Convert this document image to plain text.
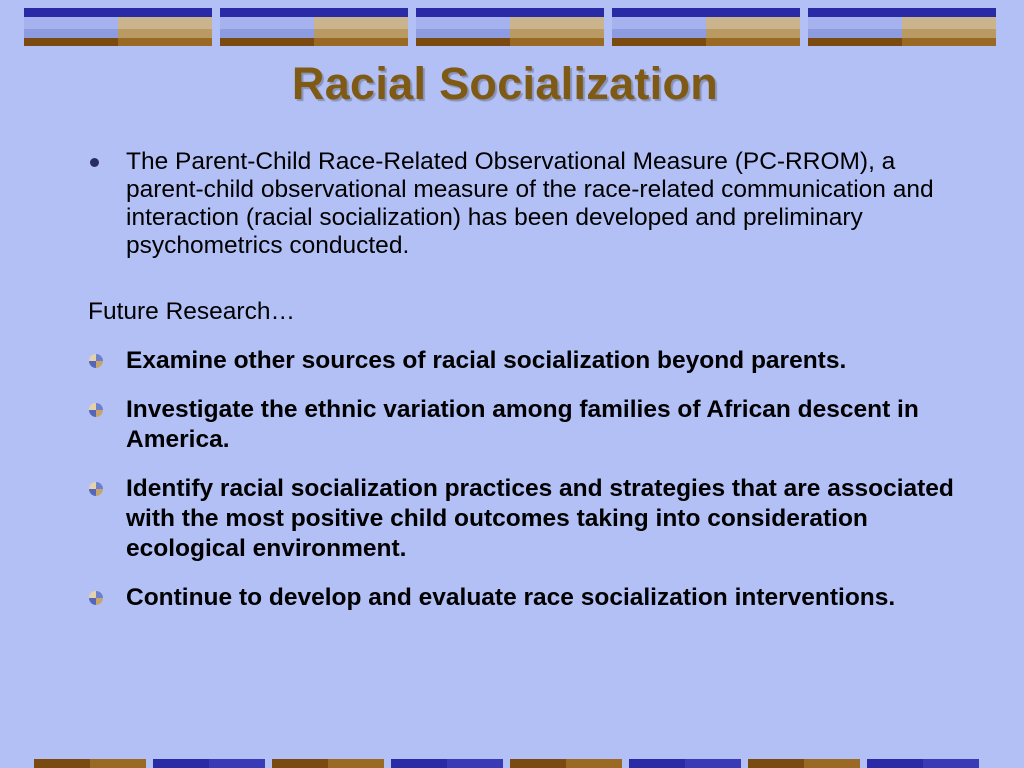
Racial Socialization
The Parent-Child Race-Related Observational Measure (PC-RROM), a parent-child observational measure of the race-related communication and interaction (racial socialization) has been developed and preliminary psychometrics conducted.
Future Research…
Examine other sources of racial socialization beyond parents.
Investigate the ethnic variation among families of African descent in America.
Identify racial socialization practices and strategies that are associated with the most positive child outcomes taking into consideration ecological environment.
Continue to develop and evaluate race socialization interventions.
